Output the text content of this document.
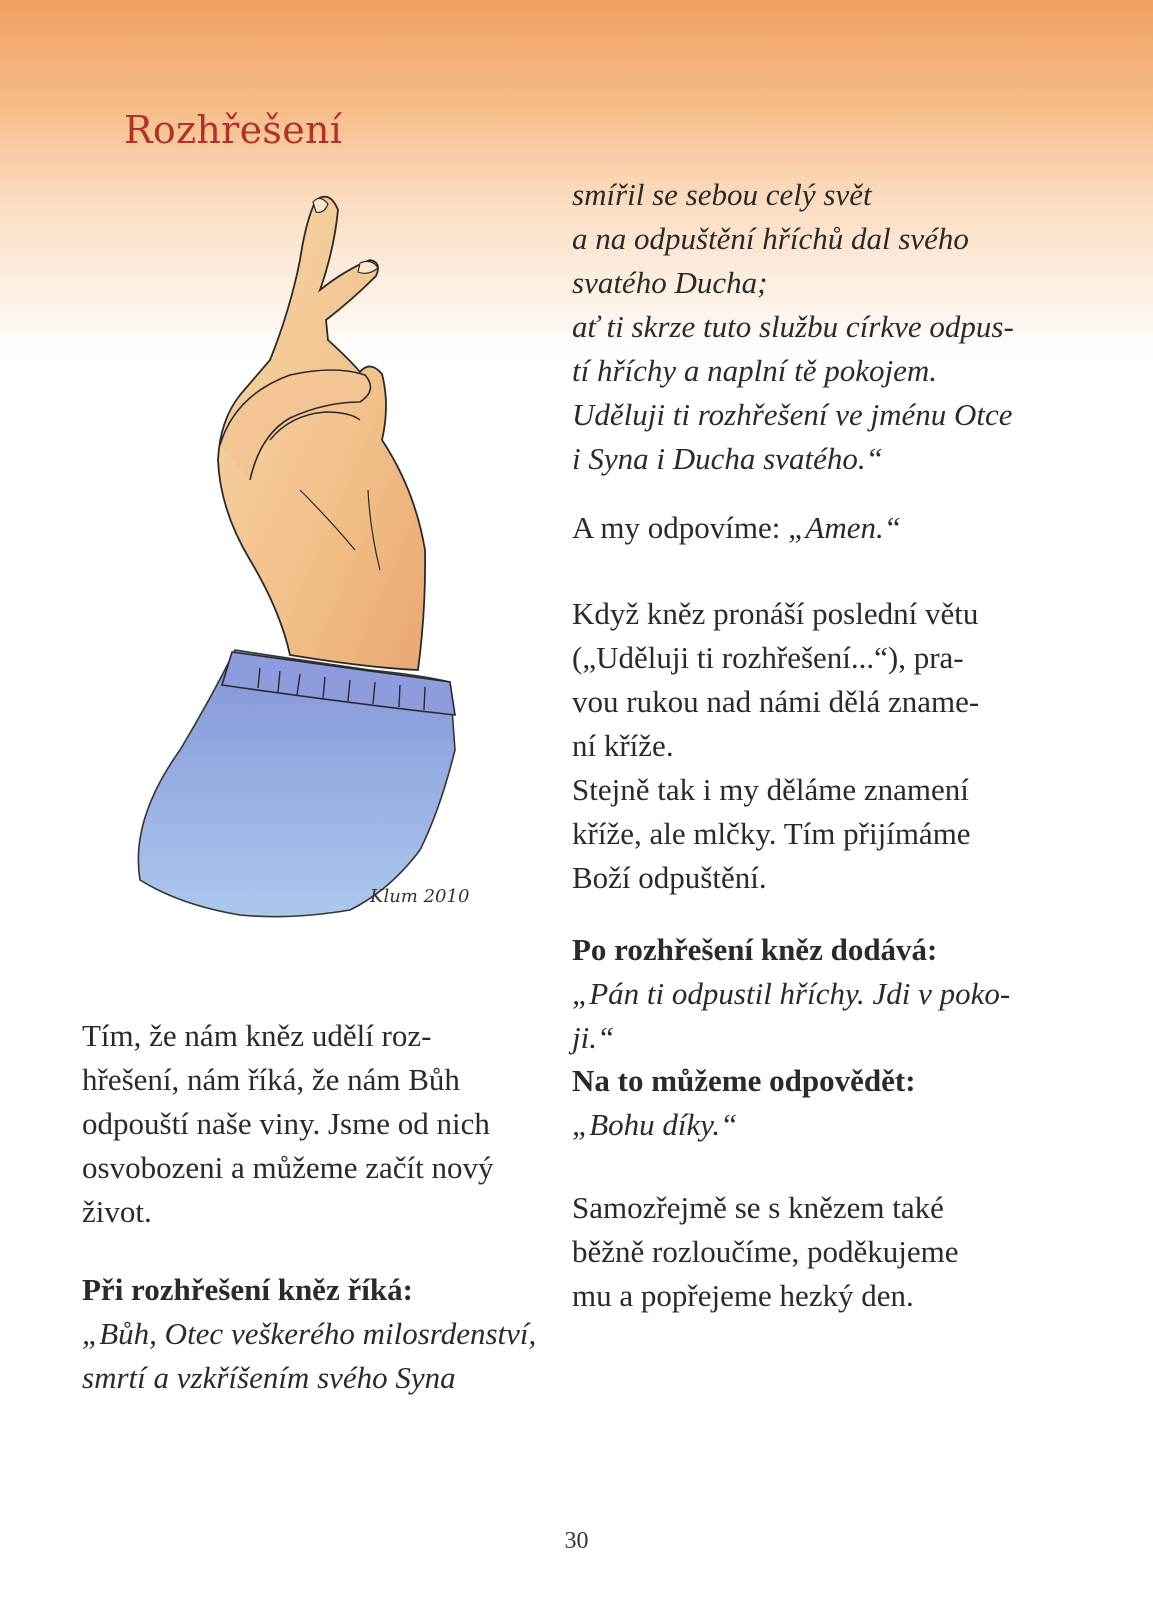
Rozhřešení
Klum 2010

smířil se sebou celý svět
a na odpuštění hříchů dal svého
svatého Ducha;
ať ti skrze tuto službu církve odpus-
tí hříchy a naplní tě pokojem.
Uděluji ti rozhřešení ve jménu Otce
i Syna i Ducha svatého.“

A my odpovíme: „Amen.“

Když kněz pronáší poslední větu
(„Uděluji ti rozhřešení...“), pra-
vou rukou nad námi dělá zname-
ní kříže.
Stejně tak i my děláme znamení
kříže, ale mlčky. Tím přijímáme
Boží odpuštění.

Po rozhřešení kněz dodává:

„Pán ti odpustil hříchy. Jdi v poko-
ji.“

Na to můžeme odpovědět:

„Bohu díky.“

Samozřejmě se s knězem také
běžně rozloučíme, poděkujeme
mu a popřejeme hezký den.

Tím, že nám kněz udělí roz-
hřešení, nám říká, že nám Bůh
odpouští naše viny. Jsme od nich
osvobozeni a můžeme začít nový
život.

Při rozhřešení kněz říká:

„Bůh, Otec veškerého milosrdenství,
smrtí a vzkříšením svého Syna

30
